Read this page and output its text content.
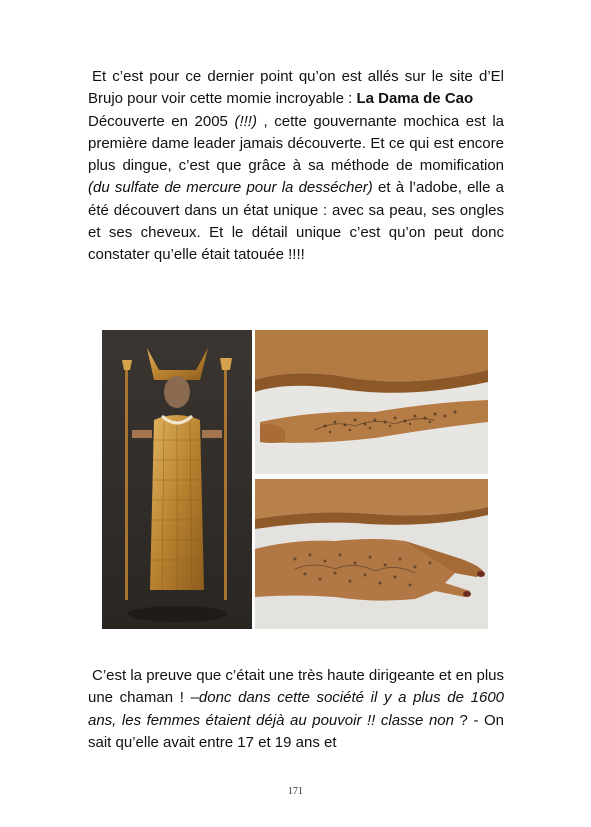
Et c’est pour ce dernier point qu’on est allés sur le site d’El Brujo pour voir cette momie incroyable : La Dama de Cao
Découverte en 2005 (!!!) , cette gouvernante mochica est la première dame leader jamais découverte. Et ce qui est encore plus dingue, c’est que grâce à sa méthode de momification (du sulfate de mercure pour la dessécher) et à l’adobe, elle a été découvert dans un état unique : avec sa peau, ses ongles et ses cheveux. Et le détail unique c’est qu’on peut donc constater qu’elle était tatouée !!!!

C’est la preuve que c’était une très haute dirigeante et en plus une chaman ! –donc dans cette société il y a plus de 1600 ans, les femmes étaient déjà au pouvoir !! classe non ? - On sait qu’elle avait entre 17 et 19 ans et

171
